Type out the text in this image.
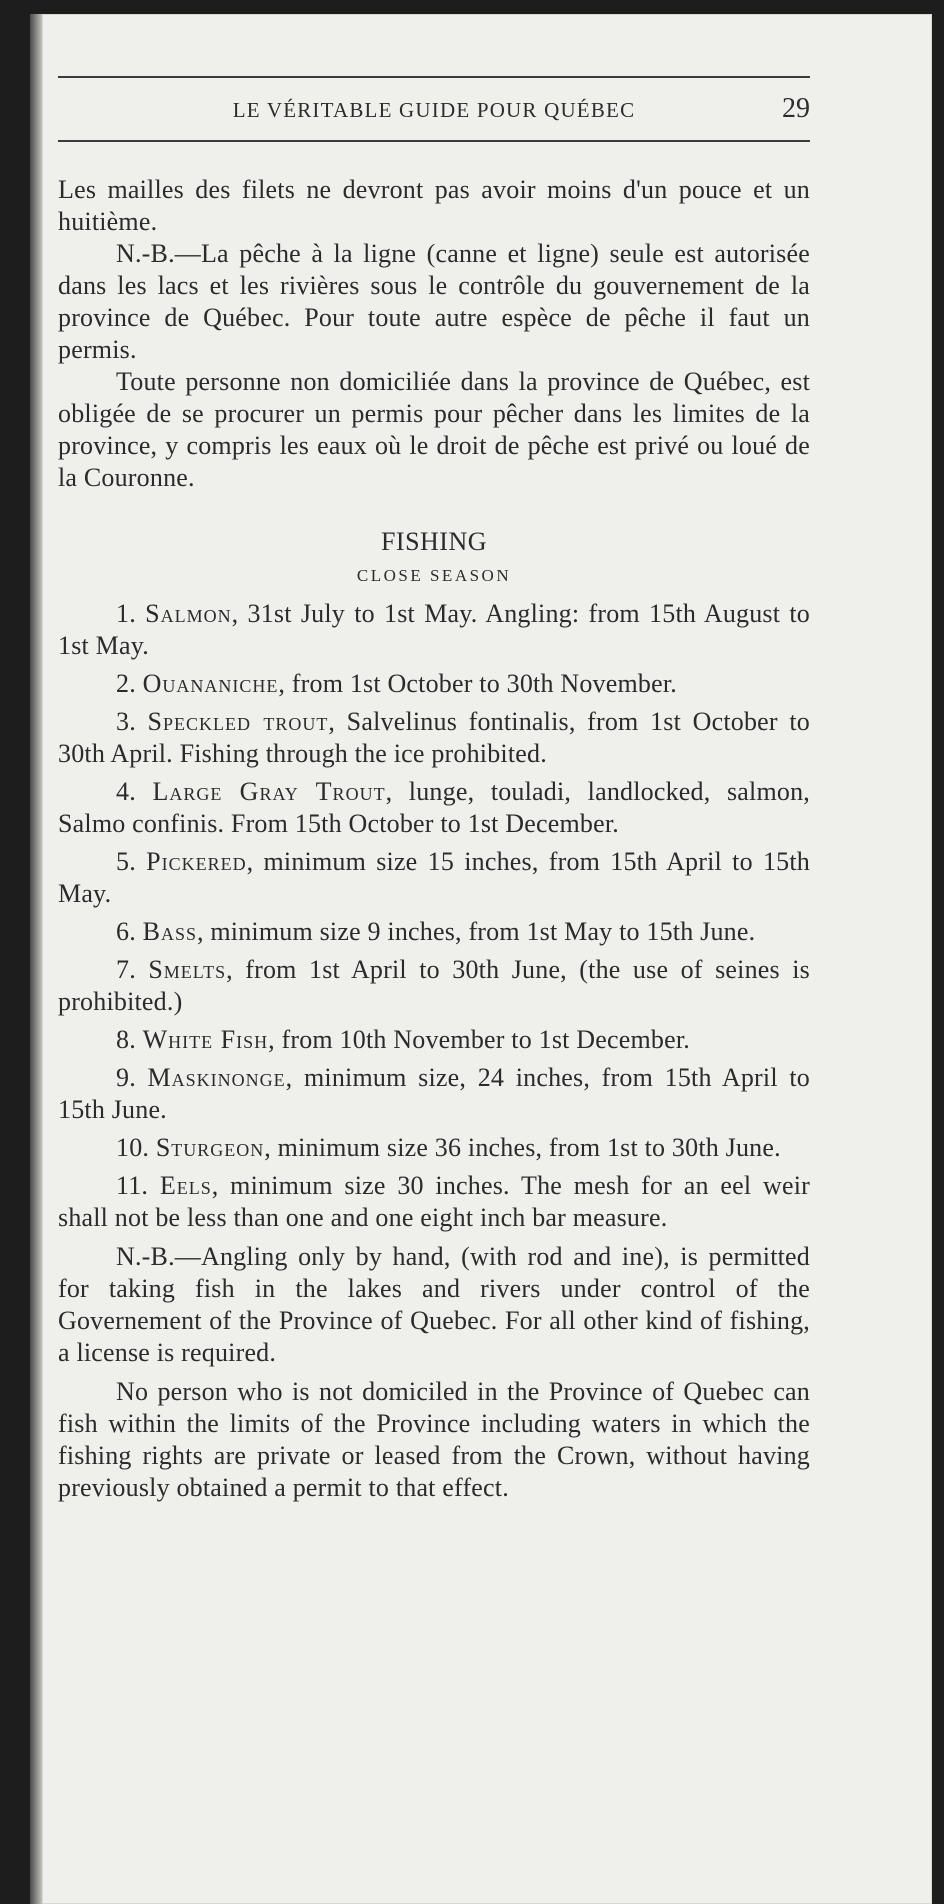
LE VÉRITABLE GUIDE POUR QUÉBEC	29

Les mailles des filets ne devront pas avoir moins d'un pouce et un huitième.

N.-B.—La pêche à la ligne (canne et ligne) seule est autorisée dans les lacs et les rivières sous le contrôle du gouvernement de la province de Québec. Pour toute autre espèce de pêche il faut un permis.

Toute personne non domiciliée dans la province de Québec, est obligée de se procurer un permis pour pêcher dans les limites de la province, y compris les eaux où le droit de pêche est privé ou loué de la Couronne.

FISHING
CLOSE SEASON

1. Salmon, 31st July to 1st May. Angling: from 15th August to 1st May.

2. Ouananiche, from 1st October to 30th November.

3. Speckled trout, Salvelinus fontinalis, from 1st October to 30th April. Fishing through the ice prohibited.

4. Large Gray Trout, lunge, touladi, landlocked, salmon, Salmo confinis. From 15th October to 1st December.

5. Pickered, minimum size 15 inches, from 15th April to 15th May.

6. Bass, minimum size 9 inches, from 1st May to 15th June.

7. Smelts, from 1st April to 30th June, (the use of seines is prohibited.)

8. White Fish, from 10th November to 1st December.

9. Maskinonge, minimum size, 24 inches, from 15th April to 15th June.

10. Sturgeon, minimum size 36 inches, from 1st to 30th June.

11. Eels, minimum size 30 inches. The mesh for an eel weir shall not be less than one and one eight inch bar measure.

N.-B.—Angling only by hand, (with rod and ine), is permitted for taking fish in the lakes and rivers under control of the Governement of the Province of Quebec. For all other kind of fishing, a license is required.

No person who is not domiciled in the Province of Quebec can fish within the limits of the Province including waters in which the fishing rights are private or leased from the Crown, without having previously obtained a permit to that effect.
